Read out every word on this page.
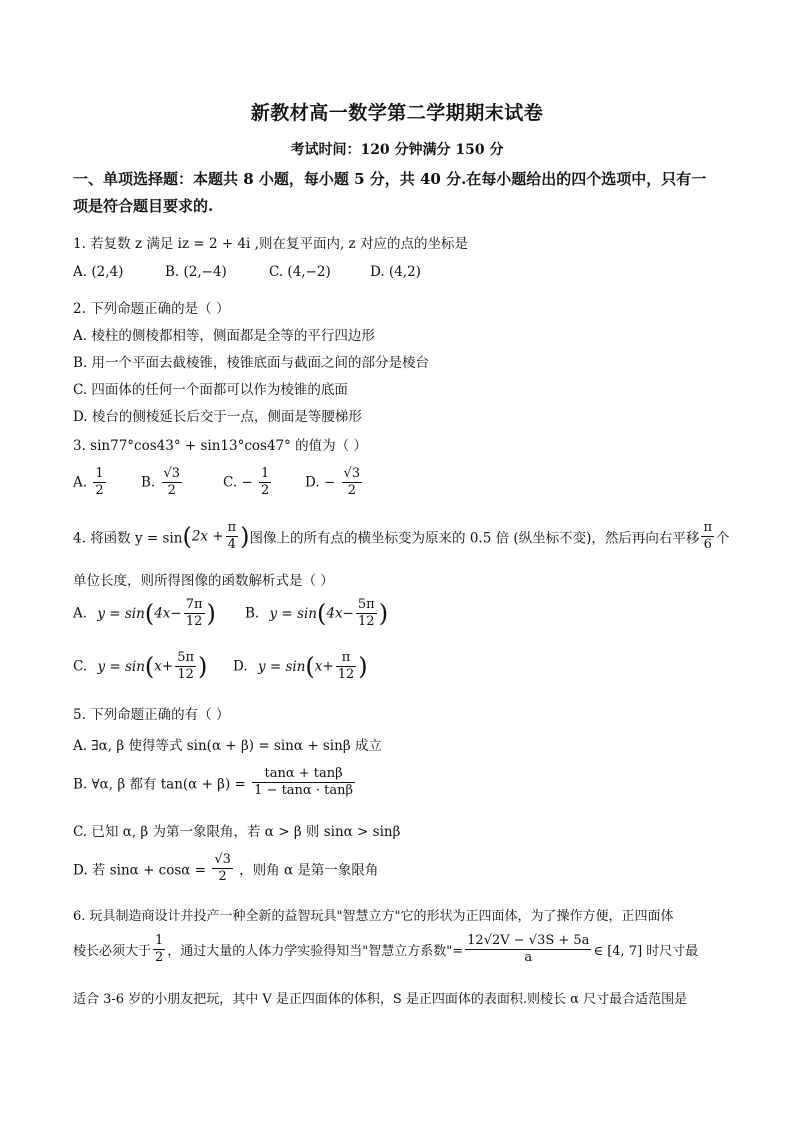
新教材高一数学第二学期期末试卷
考试时间：120 分钟满分 150 分
一、单项选择题：本题共 8 小题，每小题 5 分，共 40 分.在每小题给出的四个选项中，只有一
项是符合题目要求的.
1. 若复数 z 满足 iz = 2 + 4i ,则在复平面内, z 对应的点的坐标是
A. (2,4)	B. (2,−4)	C. (4,−2)	D. (4,2)
2. 下列命题正确的是（ ）
A. 棱柱的侧棱都相等，侧面都是全等的平行四边形
B. 用一个平面去截棱锥，棱锥底面与截面之间的部分是棱台
C. 四面体的任何一个面都可以作为棱锥的底面
D. 棱台的侧棱延长后交于一点，侧面是等腰梯形
3. sin77°cos43° + sin13°cos47° 的值为（ ）
A. $\frac{1}{2}$	B. $\frac{√3}{2}$	C. − $\frac{1}{2} D$. − $\frac{√3}{2}$
4. 将函数 $y = \sin(2x + \frac{\pi}{4}$ )图像上的所有点的横坐标变为原来的 0.5 倍 (纵坐标不变)，然后再向右平移 $\frac{\pi}{6}$ 个
单位长度，则所得图像的函数解析式是（ ）
A. $y = \sin(4x- \frac{7\pi}{12}$ ) B. $y = \sin(4x- \frac{5\pi}{12}$ )
C. $y = \sin(x+ \frac{5\pi}{12}$ ) D. $y = \sin(x+ \frac{\pi}{12}$ )
5. 下列命题正确的有（ ）
A. ∃α, β 使得等式 sin(α + β) = sinα + sinβ 成立
B. ∀α, β 都有 $\tan(\alpha + \beta) = \frac{\tan\alpha + \tan\beta}{1 - \tan\alpha \cdot \tan\beta}$
C. 已知 α, β 为第一象限角，若 α > β 则 sinα > sinβ
D. 若 $\sin\alpha + \cos\alpha = \frac{√3}{2}$ ，则角 α 是第一象限角
6. 玩具制造商设计并投产一种全新的益智玩具"智慧立方"它的形状为正四面体，为了操作方便，正四面体
棱长必须大于 $\frac{1}{2}$ ，通过大量的人体力学实验得知当"智慧立方系数"= $\frac{12√2V - √3S + 5a}{a}$ ∈ [4, 7] 时尺寸最
适合 3-6 岁的小朋友把玩，其中 V 是正四面体的体积，S 是正四面体的表面积.则棱长 α 尺寸最合适范围是
